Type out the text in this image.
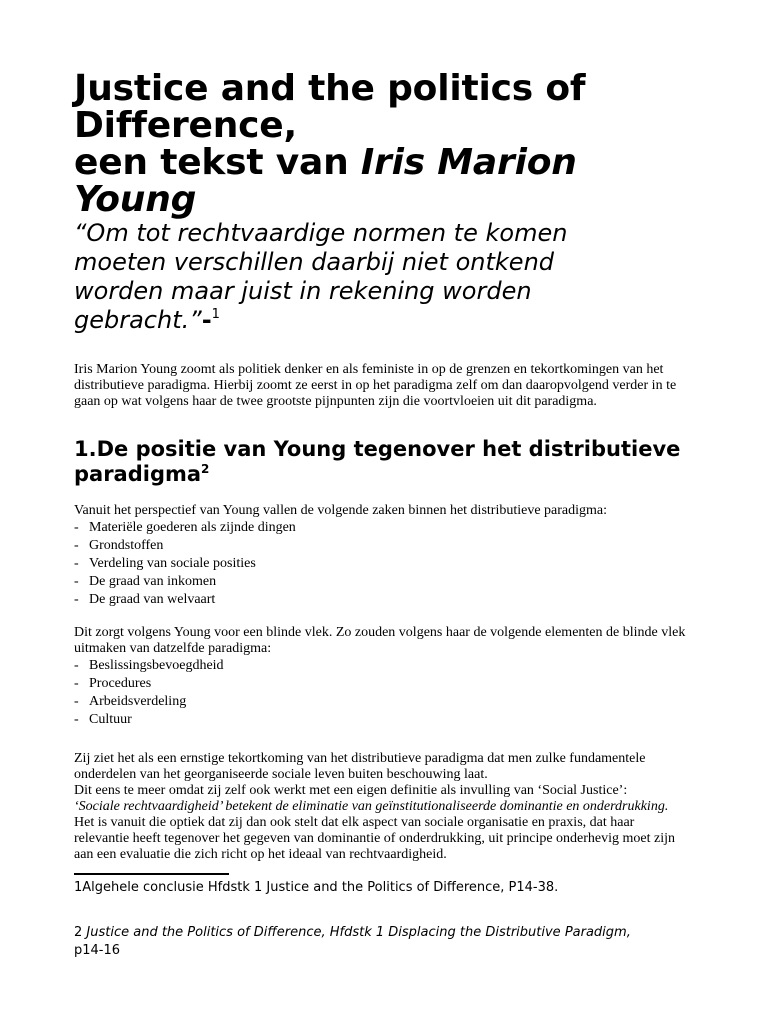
Justice and the politics of
Difference,
een tekst van Iris Marion
Young
“Om tot rechtvaardige normen te komen
moeten verschillen daarbij niet ontkend
worden maar juist in rekening worden
gebracht.”-$^1$

Iris Marion Young zoomt als politiek denker en als feministe in op de grenzen en tekortkomingen van het distributieve paradigma. Hierbij zoomt ze eerst in op het paradigma zelf om dan daaropvolgend verder in te gaan op wat volgens haar de twee grootste pijnpunten zijn die voortvloeien uit dit paradigma.

1.De positie van Young tegenover het distributieve paradigma$^2$

Vanuit het perspectief van Young vallen de volgende zaken binnen het distributieve paradigma:

- Materiële goederen als zijnde dingen
- Grondstoffen
- Verdeling van sociale posities
- De graad van inkomen
- De graad van welvaart

Dit zorgt volgens Young voor een blinde vlek. Zo zouden volgens haar de volgende elementen de blinde vlek uitmaken van datzelfde paradigma:

- Beslissingsbevoegdheid
- Procedures
- Arbeidsverdeling
- Cultuur
Zij ziet het als een ernstige tekortkoming van het distributieve paradigma dat men zulke fundamentele
onderdelen van het georganiseerde sociale leven buiten beschouwing laat.
Dit eens te meer omdat zij zelf ook werkt met een eigen definitie als invulling van ‘Social Justice’:
‘Sociale rechtvaardigheid’ betekent de eliminatie van geïnstitutionaliseerde dominantie en onderdrukking.
Het is vanuit die optiek dat zij dan ook stelt dat elk aspect van sociale organisatie en praxis, dat haar
relevantie heeft tegenover het gegeven van dominantie of onderdrukking, uit principe onderhevig moet zijn
aan een evaluatie die zich richt op het ideaal van rechtvaardigheid.
1Algehele conclusie Hfdstk 1 Justice and the Politics of Difference, P14-38.
2 Justice and the Politics of Difference, Hfdstk 1 Displacing the Distributive Paradigm,
p14-16
